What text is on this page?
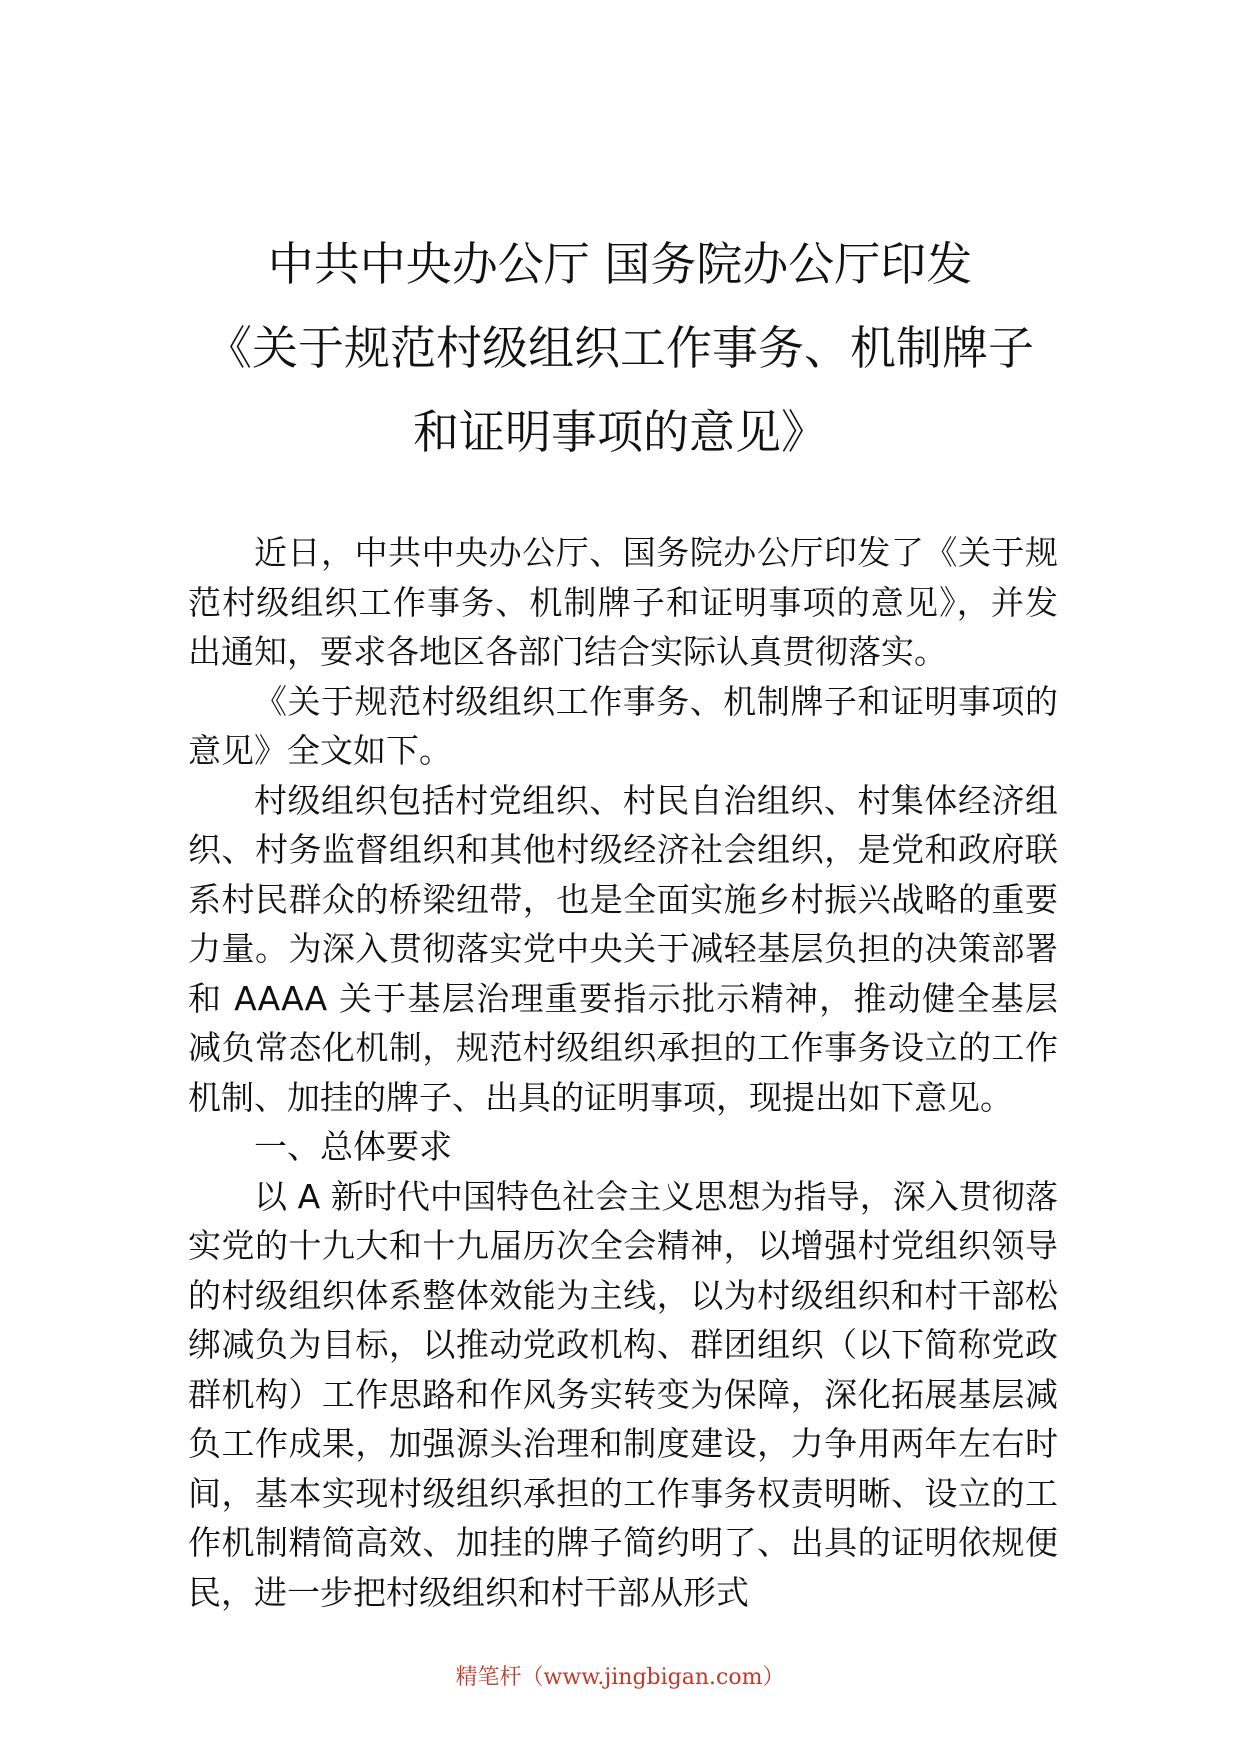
中共中央办公厅 国务院办公厅印发
《关于规范村级组织工作事务、机制牌子
和证明事项的意见》

近日，中共中央办公厅、国务院办公厅印发了《关于规范村级组织工作事务、机制牌子和证明事项的意见》，并发出通知，要求各地区各部门结合实际认真贯彻落实。

《关于规范村级组织工作事务、机制牌子和证明事项的意见》全文如下。

村级组织包括村党组织、村民自治组织、村集体经济组织、村务监督组织和其他村级经济社会组织，是党和政府联系村民群众的桥梁纽带，也是全面实施乡村振兴战略的重要力量。为深入贯彻落实党中央关于减轻基层负担的决策部署和 AAAA 关于基层治理重要指示批示精神，推动健全基层减负常态化机制，规范村级组织承担的工作事务设立的工作机制、加挂的牌子、出具的证明事项，现提出如下意见。

一、总体要求

以 A 新时代中国特色社会主义思想为指导，深入贯彻落实党的十九大和十九届历次全会精神，以增强村党组织领导的村级组织体系整体效能为主线，以为村级组织和村干部松绑减负为目标，以推动党政机构、群团组织（以下简称党政群机构）工作思路和作风务实转变为保障，深化拓展基层减负工作成果，加强源头治理和制度建设，力争用两年左右时间，基本实现村级组织承担的工作事务权责明晰、设立的工作机制精简高效、加挂的牌子简约明了、出具的证明依规便民，进一步把村级组织和村干部从形式

精笔杆（www.jingbigan.com）
